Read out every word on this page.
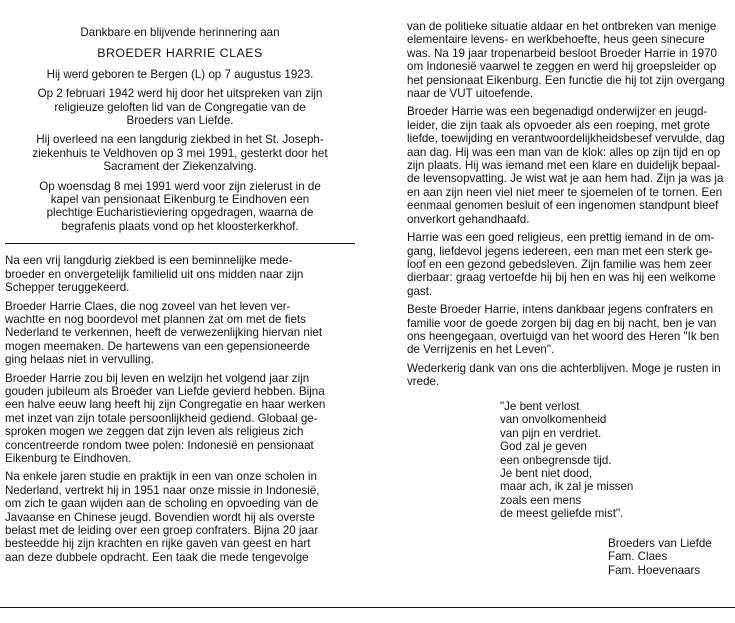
Dankbare en blijvende herinnering aan

BROEDER HARRIE CLAES

Hij werd geboren te Bergen (L) op 7 augustus 1923.

Op 2 februari 1942 werd hij door het uitspreken van zijn
religieuze geloften lid van de Congregatie van de
Broeders van Liefde.

Hij overleed na een langdurig ziekbed in het St. Joseph-
ziekenhuis te Veldhoven op 3 mei 1991, gesterkt door het
Sacrament der Ziekenzalving.

Op woensdag 8 mei 1991 werd voor zijn zielerust in de
kapel van pensionaat Eikenburg te Eindhoven een
plechtige Eucharistieviering opgedragen, waarna de
begrafenis plaats vond op het kloosterkerkhof.

Na een vrij langdurig ziekbed is een beminnelijke mede-
broeder en onvergetelijk familielid uit ons midden naar zijn
Schepper teruggekeerd.

Broeder Harrie Claes, die nog zoveel van het leven ver-
wachtte en nog boordevol met plannen zat om met de fiets
Nederland te verkennen, heeft de verwezenlijking hiervan niet
mogen meemaken. De hartewens van een gepensioneerde
ging helaas niet in vervulling.

Broeder Harrie zou bij leven en welzijn het volgend jaar zijn
gouden jubileum als Broeder van Liefde gevierd hebben. Bijna
een halve eeuw lang heeft hij zijn Congregatie en haar werken
met inzet van zijn totale persoonlijkheid gediend. Globaal ge-
sproken mogen we zeggen dat zijn leven als religieus zich
concentreerde rondom twee polen: Indonesië en pensionaat
Eikenburg te Eindhoven.

Na enkele jaren studie en praktijk in een van onze scholen in
Nederland, vertrekt hij in 1951 naar onze missie in Indonesië,
om zich te gaan wijden aan de scholing en opvoeding van de
Javaanse en Chinese jeugd. Bovendien wordt hij als overste
belast met de leiding over een groep confraters. Bijna 20 jaar
besteedde hij zijn krachten en rijke gaven van geest en hart
aan deze dubbele opdracht. Een taak die mede tengevolge

van de politieke situatie aldaar en het ontbreken van menige
elementaire levens- en werkbehoefte, heus geen sinecure
was. Na 19 jaar tropenarbeid besloot Broeder Harrie in 1970
om Indonesië vaarwel te zeggen en werd hij groepsleider op
het pensionaat Eikenburg. Een functie die hij tot zijn overgang
naar de VUT uitoefende.

Broeder Harrie was een begenadigd onderwijzer en jeugd-
leider, die zijn taak als opvoeder als een roeping, met grote
liefde, toewijding en verantwoordelijkheidsbesef vervulde, dag
aan dag. Hij was een man van de klok: alles op zijn tijd en op
zijn plaats. Hij was iemand met een klare en duidelijk bepaal-
de levensopvatting. Je wist wat je aan hem had. Zijn ja was ja
en aan zijn neen viel niet meer te sjoemelen of te tornen. Een
eenmaal genomen besluit of een ingenomen standpunt bleef
onverkort gehandhaafd.

Harrie was een goed religieus, een prettig iemand in de om-
gang, liefdevol jegens iedereen, een man met een sterk ge-
loof en een gezond gebedsleven. Zijn familie was hem zeer
dierbaar: graag vertoefde hij bij hen en was hij een welkome
gast.

Beste Broeder Harrie, intens dankbaar jegens confraters en
familie voor de goede zorgen bij dag en bij nacht, ben je van
ons heengegaan, overtuigd van het woord des Heren "Ik ben
de Verrijzenis en het Leven".

Wederkerig dank van ons die achterblijven. Moge je rusten in
vrede.

"Je bent verlost
van onvolkomenheid
van pijn en verdriet.
God zal je geven
een onbegrensde tijd.
Je bent niet dood,
maar ach, ik zal je missen
zoals een mens
de meest geliefde mist".
Broeders van Liefde
Fam. Claes
Fam. Hoevenaars
